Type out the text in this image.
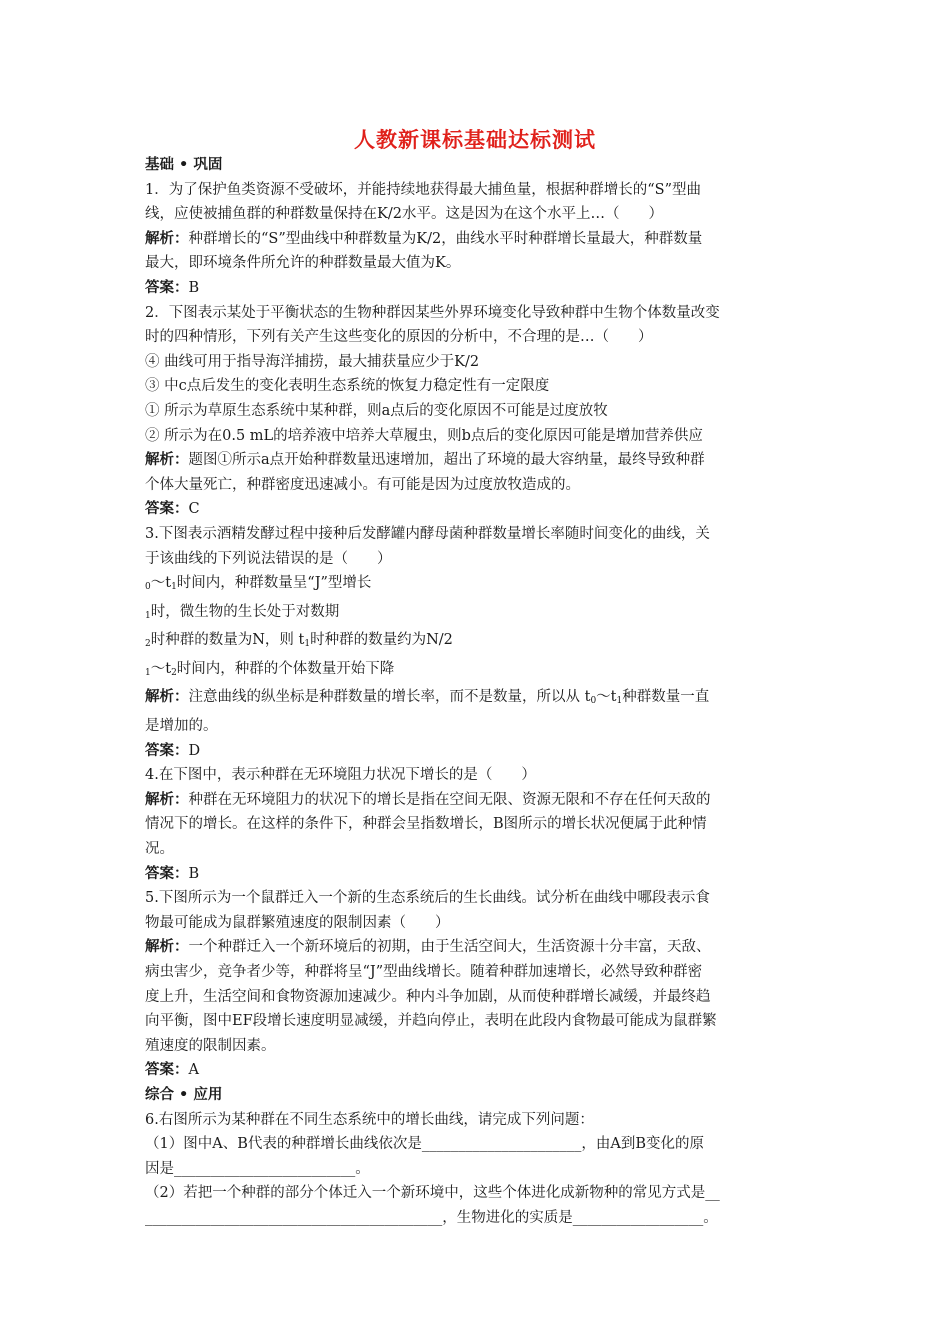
人教新课标基础达标测试

基础 • 巩固

1．为了保护鱼类资源不受破坏，并能持续地获得最大捕鱼量，根据种群增长的“S”型曲

线，应使被捕鱼群的种群数量保持在K/2水平。这是因为在这个水平上…（　　）

解析：种群增长的“S”型曲线中种群数量为K/2，曲线水平时种群增长量最大，种群数量

最大，即环境条件所允许的种群数量最大值为K。

答案：B

2．下图表示某处于平衡状态的生物种群因某些外界环境变化导致种群中生物个体数量改变

时的四种情形，下列有关产生这些变化的原因的分析中，不合理的是…（　　）

④ 曲线可用于指导海洋捕捞，最大捕获量应少于K/2

③ 中c点后发生的变化表明生态系统的恢复力稳定性有一定限度

① 所示为草原生态系统中某种群，则a点后的变化原因不可能是过度放牧

② 所示为在0.5 mL的培养液中培养大草履虫，则b点后的变化原因可能是增加营养供应

解析：题图①所示a点开始种群数量迅速增加，超出了环境的最大容纳量，最终导致种群

个体大量死亡，种群密度迅速减小。有可能是因为过度放牧造成的。

答案：C

3.下图表示酒精发酵过程中接种后发酵罐内酵母菌种群数量增长率随时间变化的曲线，关

于该曲线的下列说法错误的是（　　）

$_0\sim t_1$时间内，种群数量呈“J”型增长

$_1$时，微生物的生长处于对数期

$_2$时种群的数量为N，则 $t_1$时种群的数量约为N/2

$_1\sim t_2$时间内，种群的个体数量开始下降

解析：注意曲线的纵坐标是种群数量的增长率，而不是数量，所以从 $t_0\sim t_1$种群数量一直

是增加的。

答案：D

4.在下图中，表示种群在无环境阻力状况下增长的是（　　）

解析：种群在无环境阻力的状况下的增长是指在空间无限、资源无限和不存在任何天敌的

情况下的增长。在这样的条件下，种群会呈指数增长，B图所示的增长状况便属于此种情

况。

答案：B

5.下图所示为一个鼠群迁入一个新的生态系统后的生长曲线。试分析在曲线中哪段表示食

物最可能成为鼠群繁殖速度的限制因素（　　）

解析：一个种群迁入一个新环境后的初期，由于生活空间大，生活资源十分丰富，天敌、

病虫害少，竞争者少等，种群将呈“J”型曲线增长。随着种群加速增长，必然导致种群密

度上升，生活空间和食物资源加速减少。种内斗争加剧，从而使种群增长减缓，并最终趋

向平衡，图中EF段增长速度明显减缓，并趋向停止，表明在此段内食物最可能成为鼠群繁

殖速度的限制因素。

答案：A

综合 • 应用

6.右图所示为某种群在不同生态系统中的增长曲线，请完成下列问题：

（1）图中A、B代表的种群增长曲线依次是______________________，由A到B变化的原

因是_________________________。

（2）若把一个种群的部分个体迁入一个新环境中，这些个体进化成新物种的常见方式是__

_________________________________________，生物进化的实质是__________________。
